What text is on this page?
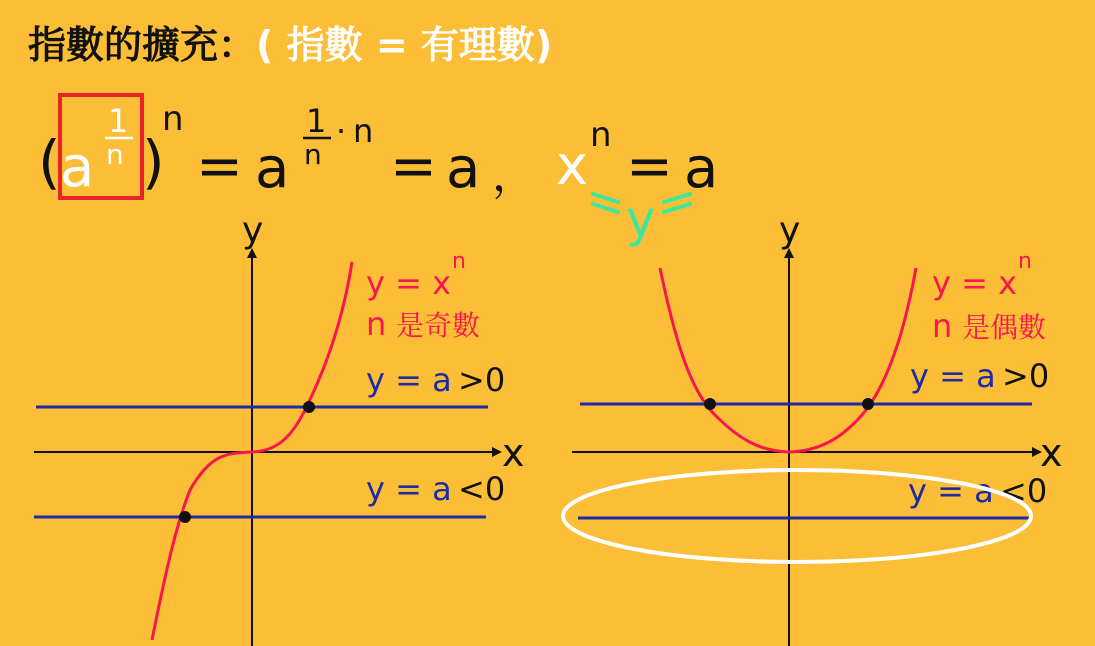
指數的擴充：( 指數 = 有理數)
( a
1
n )
n
= a
1
n
· n
= a ， x n = a
y
x
y
y = x
n
n 是奇數
y = a >0
y = a <0
x
y
y = x
n
n 是偶數
y = a >0
y = a <0
